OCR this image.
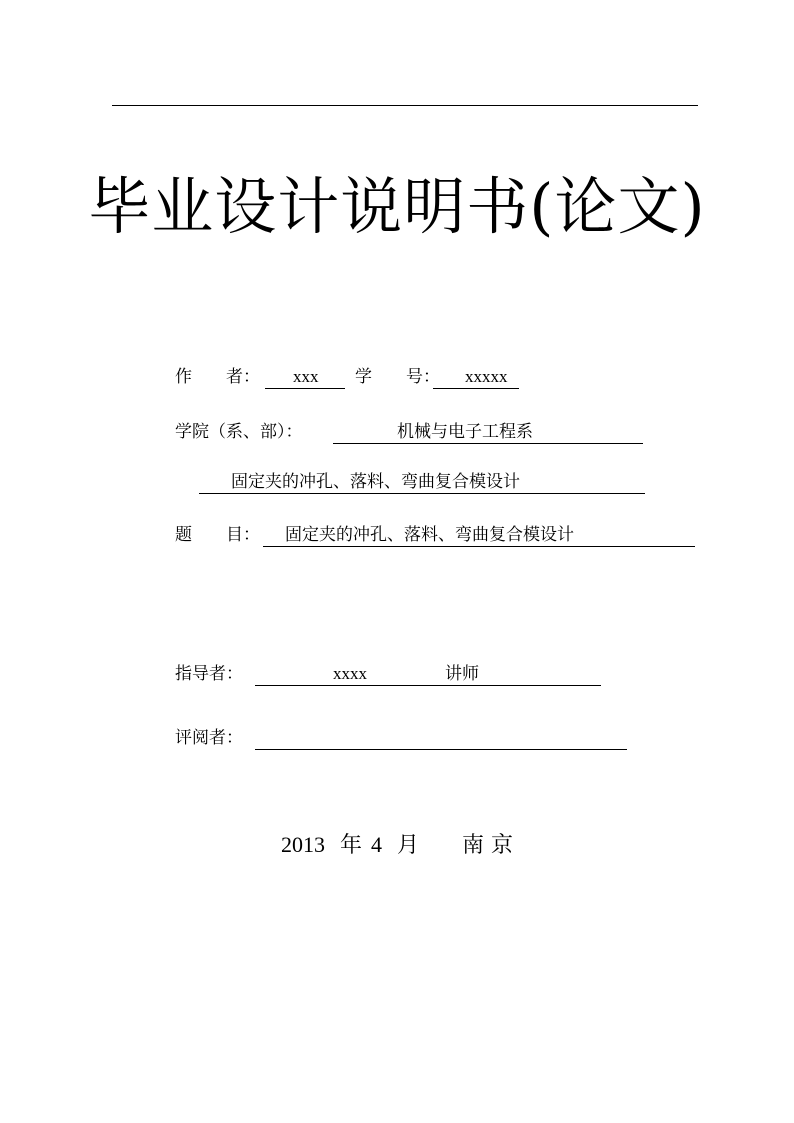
毕业设计说明书(论文)
作　　者： xxx 学　　号： xxxxx
学院（系、部）：	机械与电子工程系
固定夹的冲孔、落料、弯曲复合模设计
题　　目： 固定夹的冲孔、落料、弯曲复合模设计
指导者：	xxxx	讲师
评阅者：
2013 年 4 月 南 京
